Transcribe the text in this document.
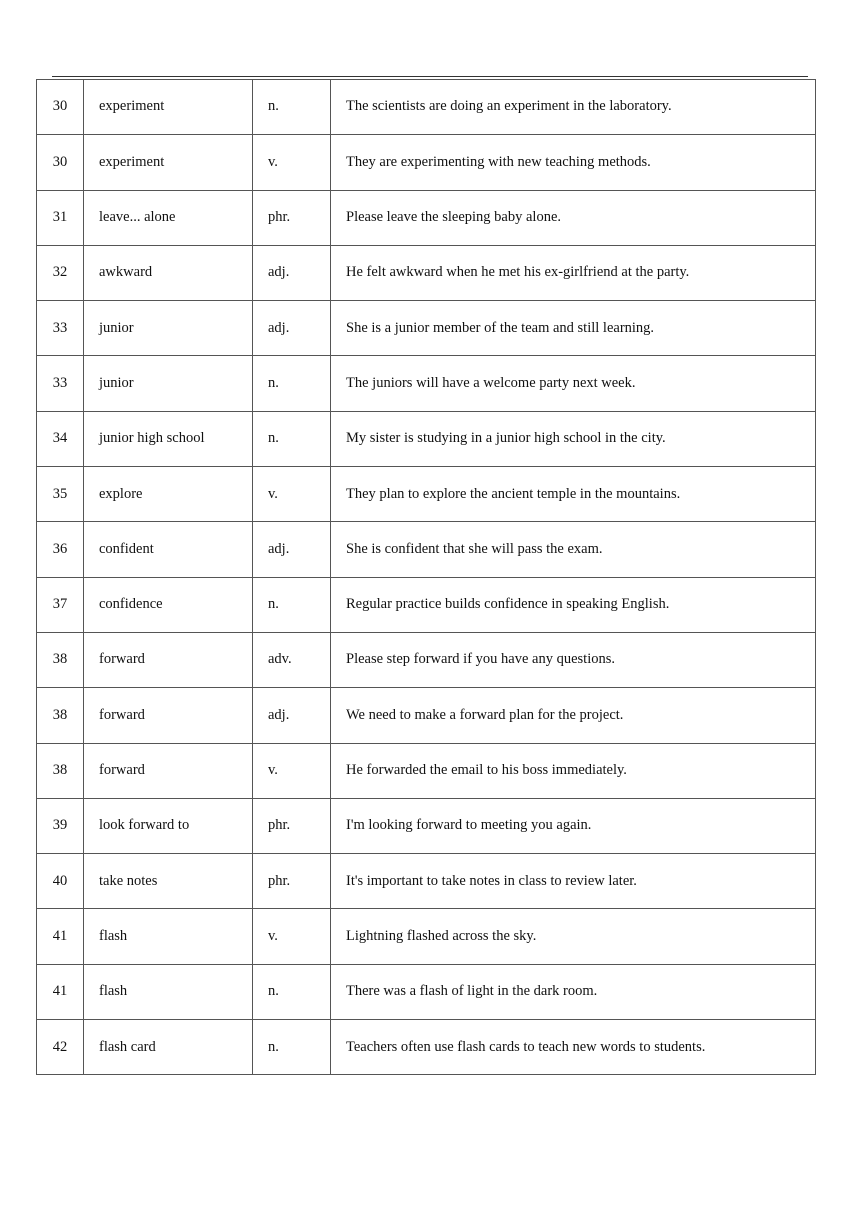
30	experiment	n.	The scientists are doing an experiment in the laboratory.
30	experiment	v.	They are experimenting with new teaching methods.
31	leave... alone	phr.	Please leave the sleeping baby alone.
32	awkward	adj.	He felt awkward when he met his ex-girlfriend at the party.
33	junior	adj.	She is a junior member of the team and still learning.
33	junior	n.	The juniors will have a welcome party next week.
34	junior high school	n.	My sister is studying in a junior high school in the city.
35	explore	v.	They plan to explore the ancient temple in the mountains.
36	confident	adj.	She is confident that she will pass the exam.
37	confidence	n.	Regular practice builds confidence in speaking English.
38	forward	adv.	Please step forward if you have any questions.
38	forward	adj.	We need to make a forward plan for the project.
38	forward	v.	He forwarded the email to his boss immediately.
39	look forward to	phr.	I'm looking forward to meeting you again.
40	take notes	phr.	It's important to take notes in class to review later.
41	flash	v.	Lightning flashed across the sky.
41	flash	n.	There was a flash of light in the dark room.
42	flash card	n.	Teachers often use flash cards to teach new words to students.
